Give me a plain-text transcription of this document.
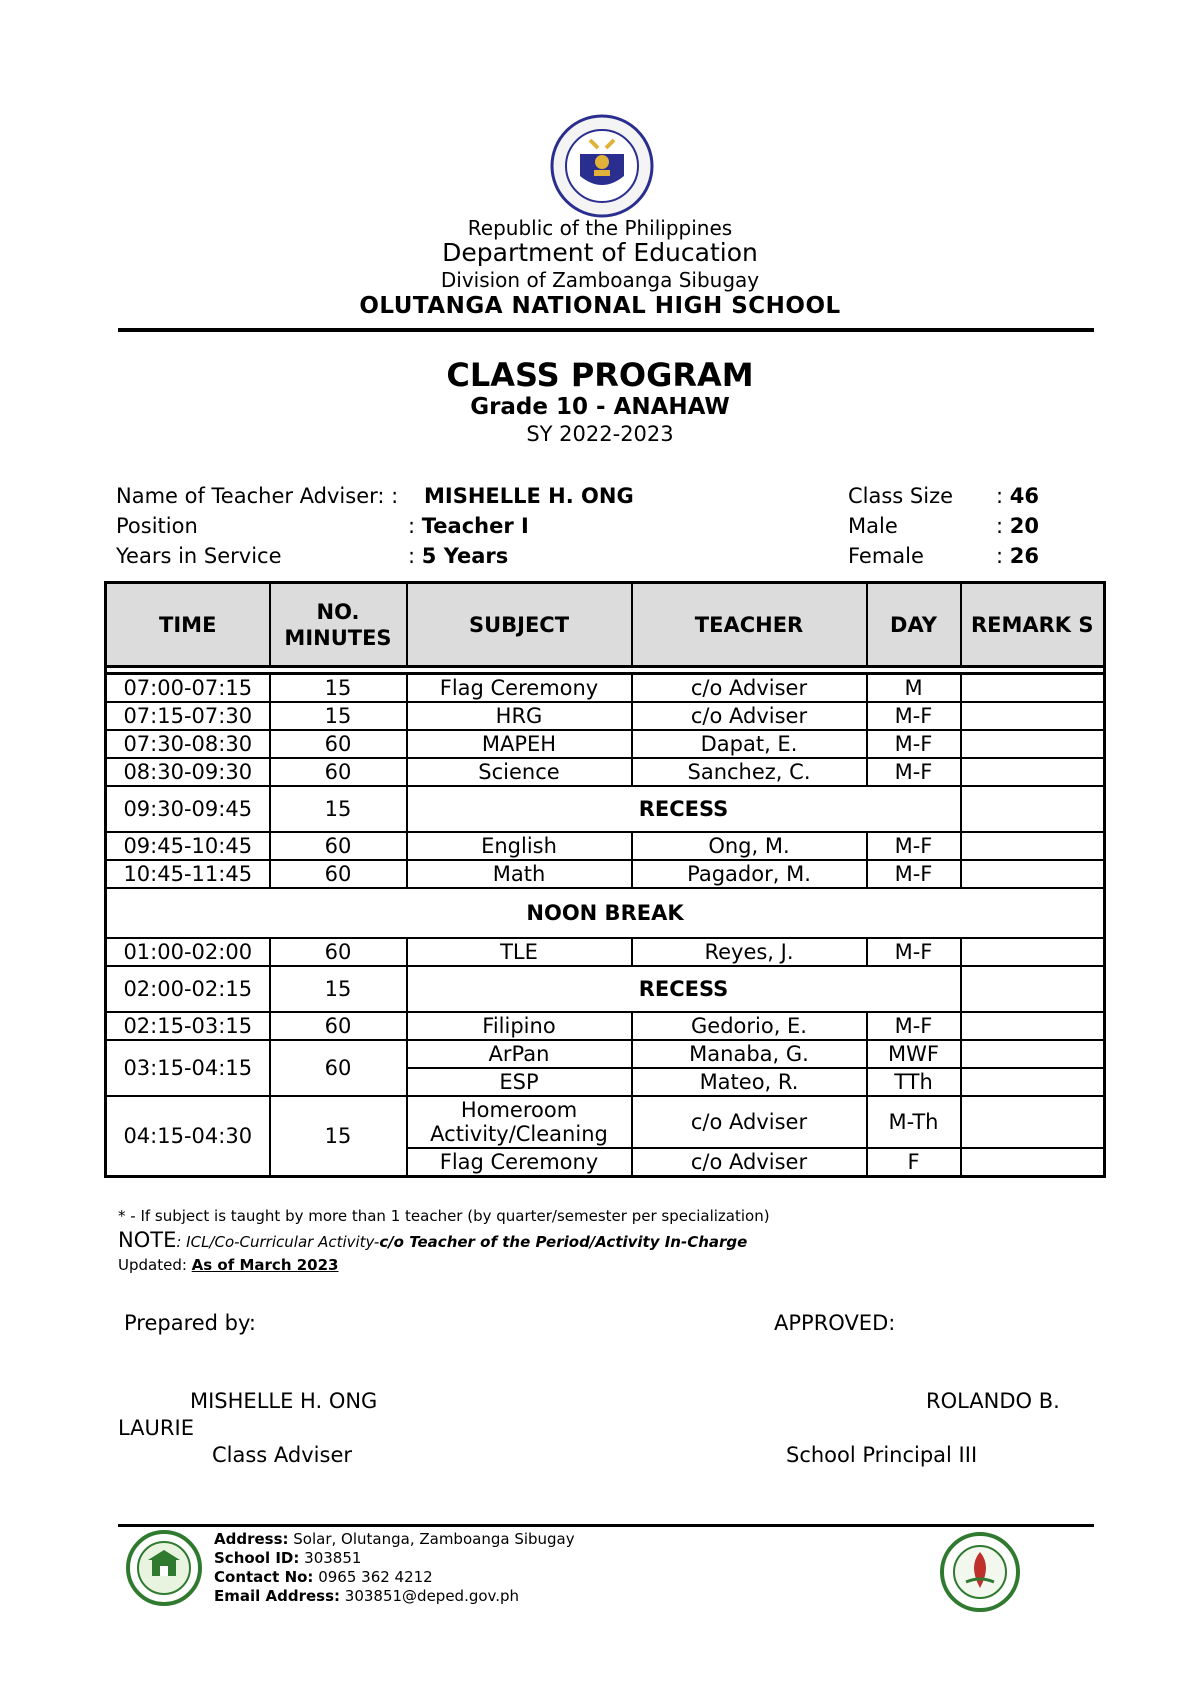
Republic of the Philippines
Department of Education
Division of Zamboanga Sibugay
OLUTANGA NATIONAL HIGH SCHOOL
CLASS PROGRAM
Grade 10 - ANAHAW
SY 2022-2023
Name of Teacher Adviser: : MISHELLE H. ONG
Position	: Teacher I
Years in Service	: 5 Years
Class Size : 46
Male	: 20
Female	: 26
TIME	NO. MINUTES	SUBJECT	TEACHER	DAY	REMARK S

07:00-07:15	15	Flag Ceremony	c/o Adviser	M	
07:15-07:30	15	HRG	c/o Adviser	M-F	
07:30-08:30	60	MAPEH	Dapat, E.	M-F	
08:30-09:30	60	Science	Sanchez, C.	M-F	
09:30-09:45	15	RECESS			
09:45-10:45	60	English	Ong, M.	M-F	
10:45-11:45	60	Math	Pagador, M.	M-F	
NOON BREAK					
01:00-02:00	60	TLE	Reyes, J.	M-F	
02:00-02:15	15	RECESS			
02:15-03:15	60	Filipino	Gedorio, E.	M-F	
03:15-04:15	60	ArPan	Manaba, G.	MWF	
		ESP	Mateo, R.	TTh	
04:15-04:30	15	Homeroom Activity/Cleaning	c/o Adviser	M-Th	
		Flag Ceremony	c/o Adviser	F	
* - If subject is taught by more than 1 teacher (by quarter/semester per specialization)
NOTE: ICL/Co-Curricular Activity-c/o Teacher of the Period/Activity In-Charge
Updated: As of March 2023
Prepared by:	APPROVED:
MISHELLE H. ONG	ROLANDO B.
LAURIE
Class Adviser	School Principal III
Address: Solar, Olutanga, Zamboanga Sibugay
School ID: 303851
Contact No: 0965 362 4212
Email Address: 303851@deped.gov.ph
